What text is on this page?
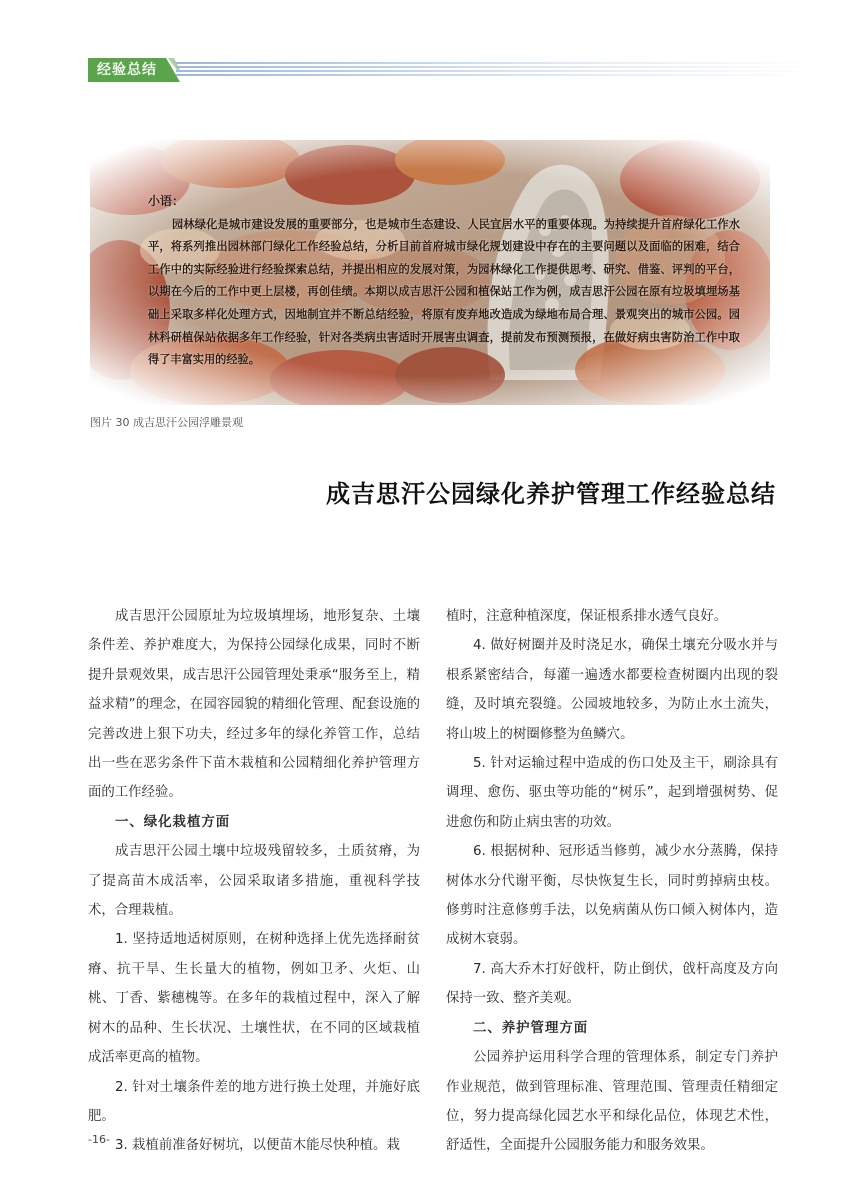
经验总结
小语：
园林绿化是城市建设发展的重要部分，也是城市生态建设、人民宜居水平的重要体现。为持续提升首府绿化工作水平，将系列推出园林部门绿化工作经验总结，分析目前首府城市绿化规划建设中存在的主要问题以及面临的困难，结合工作中的实际经验进行经验探索总结，并提出相应的发展对策，为园林绿化工作提供思考、研究、借鉴、评判的平台，以期在今后的工作中更上层楼，再创佳绩。本期以成吉思汗公园和植保站工作为例，成吉思汗公园在原有垃圾填埋场基础上采取多样化处理方式，因地制宜并不断总结经验，将原有废弃地改造成为绿地布局合理、景观突出的城市公园。园林科研植保站依据多年工作经验，针对各类病虫害适时开展害虫调查，提前发布预测预报，在做好病虫害防治工作中取得了丰富实用的经验。
图片 30 成吉思汗公园浮雕景观
成吉思汗公园绿化养护管理工作经验总结

成吉思汗公园原址为垃圾填埋场，地形复杂、土壤条件差、养护难度大，为保持公园绿化成果，同时不断提升景观效果，成吉思汗公园管理处秉承“服务至上，精益求精”的理念，在园容园貌的精细化管理、配套设施的完善改进上狠下功夫，经过多年的绿化养管工作，总结出一些在恶劣条件下苗木栽植和公园精细化养护管理方面的工作经验。

一、绿化栽植方面

成吉思汗公园土壤中垃圾残留较多，土质贫瘠，为了提高苗木成活率，公园采取诸多措施，重视科学技术，合理栽植。

1. 坚持适地适树原则，在树种选择上优先选择耐贫瘠、抗干旱、生长量大的植物，例如卫矛、火炬、山桃、丁香、紫穗槐等。在多年的栽植过程中，深入了解树木的品种、生长状况、土壤性状，在不同的区域栽植成活率更高的植物。

2. 针对土壤条件差的地方进行换土处理，并施好底肥。

3. 栽植前准备好树坑，以便苗木能尽快种植。栽

植时，注意种植深度，保证根系排水透气良好。

4. 做好树圈并及时浇足水，确保土壤充分吸水并与根系紧密结合，每灌一遍透水都要检查树圈内出现的裂缝，及时填充裂缝。公园坡地较多，为防止水土流失，将山坡上的树圈修整为鱼鳞穴。

5. 针对运输过程中造成的伤口处及主干，刷涂具有调理、愈伤、驱虫等功能的“树乐”，起到增强树势、促进愈伤和防止病虫害的功效。

6. 根据树种、冠形适当修剪，减少水分蒸腾，保持树体水分代谢平衡，尽快恢复生长，同时剪掉病虫枝。修剪时注意修剪手法，以免病菌从伤口倾入树体内，造成树木衰弱。

7. 高大乔木打好戗杆，防止倒伏，戗杆高度及方向保持一致、整齐美观。

二、养护管理方面

公园养护运用科学合理的管理体系，制定专门养护作业规范，做到管理标准、管理范围、管理责任精细定位，努力提高绿化园艺水平和绿化品位，体现艺术性，舒适性，全面提升公园服务能力和服务效果。

-16-
